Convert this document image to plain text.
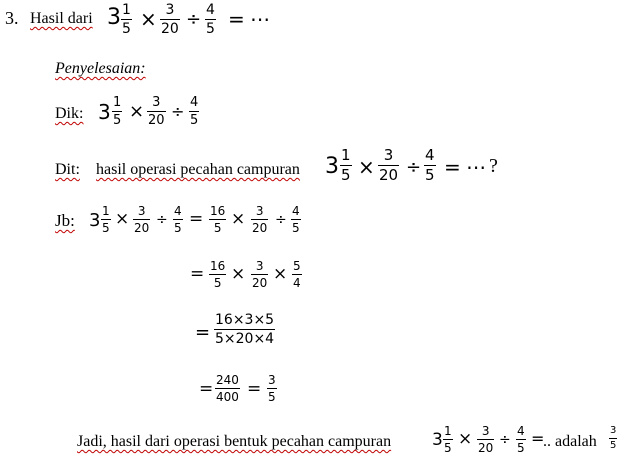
3. Hasil dari 3 1
5 × 3
20 ÷ 4
5 = ⋯
Penyelesaian:
Dik: 3 1
5 × 3
20 ÷ 4
5
Dit: hasil operasi pecahan campuran 3 1
5 × 3
20 ÷
4
5 = ⋯ ?
Jb: 3 1
5 × 3
20 ÷
4
5 = 16
5 × 3
20 ÷
4
5
= 16
5 × 3
20 × 5
4
=
16×3×5
5×20×4
= 240
400 = 3
5
Jadi, hasil dari operasi bentuk pecahan campuran 3 1
5 × 3
20 ÷
4
5 =
.. adalah
3
5
